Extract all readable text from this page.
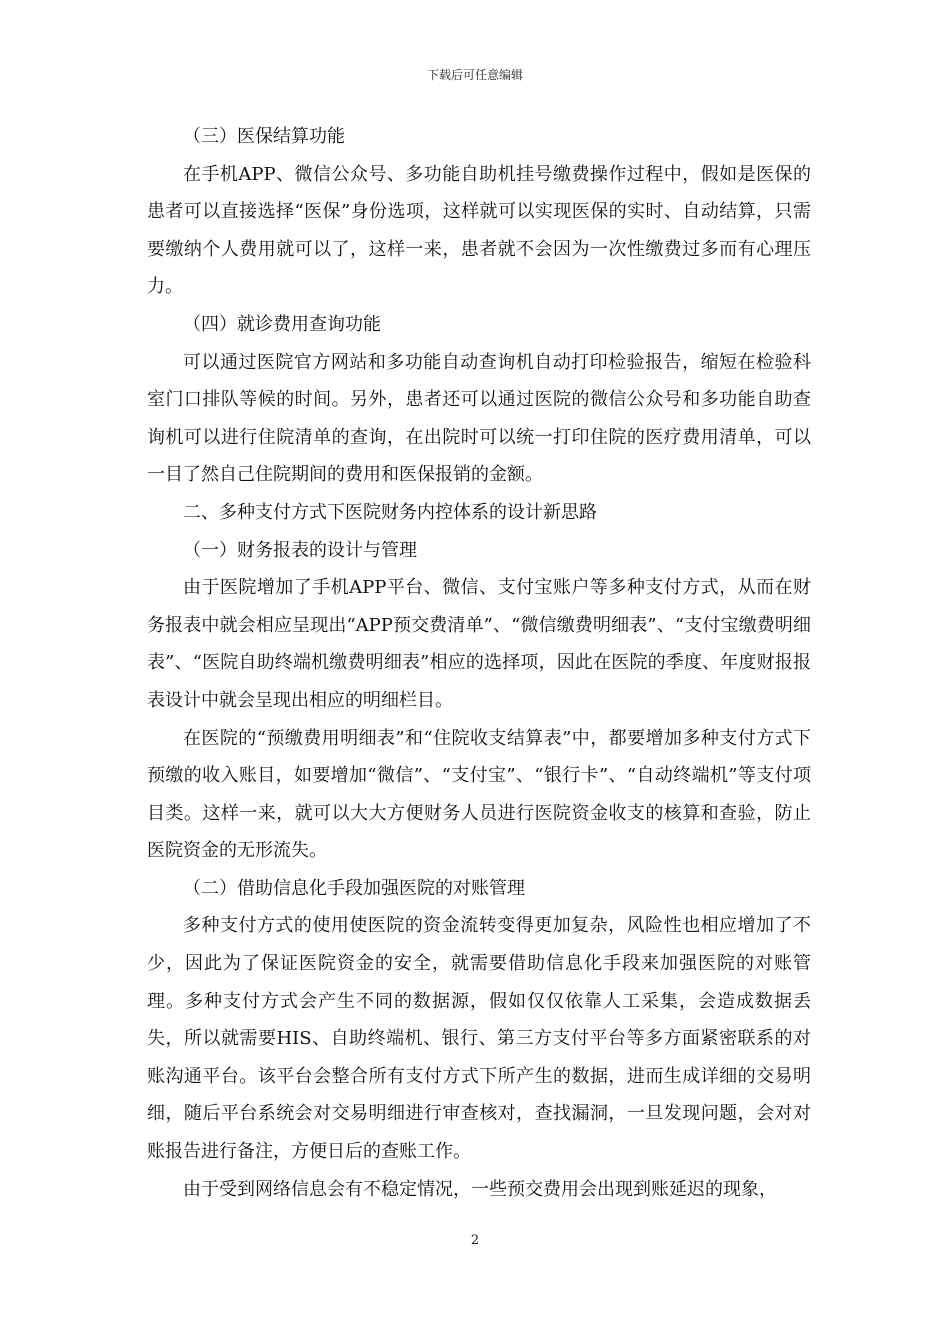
下载后可任意编辑

（三）医保结算功能

在手机APP、微信公众号、多功能自助机挂号缴费操作过程中，假如是医保的患者可以直接选择“医保”身份选项，这样就可以实现医保的实时、自动结算，只需要缴纳个人费用就可以了，这样一来，患者就不会因为一次性缴费过多而有心理压力。

（四）就诊费用查询功能

可以通过医院官方网站和多功能自动查询机自动打印检验报告，缩短在检验科室门口排队等候的时间。另外，患者还可以通过医院的微信公众号和多功能自助查询机可以进行住院清单的查询，在出院时可以统一打印住院的医疗费用清单，可以一目了然自己住院期间的费用和医保报销的金额。

二、多种支付方式下医院财务内控体系的设计新思路

（一）财务报表的设计与管理

由于医院增加了手机APP平台、微信、支付宝账户等多种支付方式，从而在财务报表中就会相应呈现出“APP预交费清单”、“微信缴费明细表”、“支付宝缴费明细表”、“医院自助终端机缴费明细表”相应的选择项，因此在医院的季度、年度财报报表设计中就会呈现出相应的明细栏目。

在医院的“预缴费用明细表”和“住院收支结算表”中，都要增加多种支付方式下预缴的收入账目，如要增加“微信”、“支付宝”、“银行卡”、“自动终端机”等支付项目类。这样一来，就可以大大方便财务人员进行医院资金收支的核算和查验，防止医院资金的无形流失。

（二）借助信息化手段加强医院的对账管理

多种支付方式的使用使医院的资金流转变得更加复杂，风险性也相应增加了不少，因此为了保证医院资金的安全，就需要借助信息化手段来加强医院的对账管理。多种支付方式会产生不同的数据源，假如仅仅依靠人工采集，会造成数据丢失，所以就需要HIS、自助终端机、银行、第三方支付平台等多方面紧密联系的对账沟通平台。该平台会整合所有支付方式下所产生的数据，进而生成详细的交易明细，随后平台系统会对交易明细进行审查核对，查找漏洞，一旦发现问题，会对对账报告进行备注，方便日后的查账工作。

由于受到网络信息会有不稳定情况，一些预交费用会出现到账延迟的现象，

2
